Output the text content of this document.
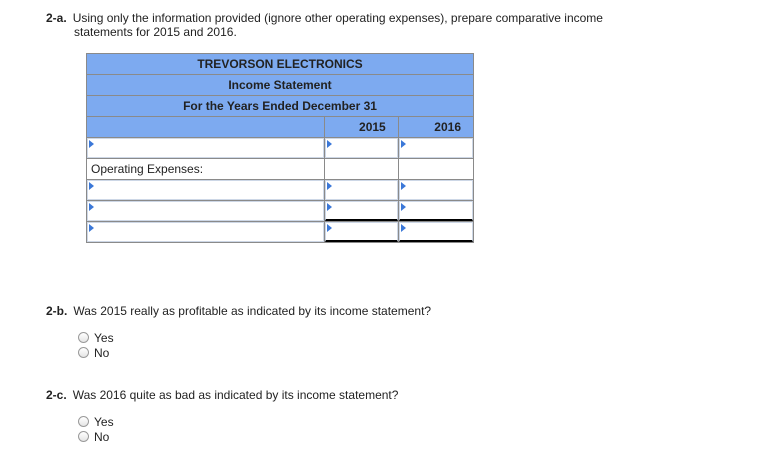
2-a. Using only the information provided (ignore other operating expenses), prepare comparative income
statements for 2015 and 2016.
TREVORSON ELECTRONICS		
Income Statement		
For the Years Ended December 31		
	2015	2016

Operating Expenses:		

2-b. Was 2015 really as profitable as indicated by its income statement?
Yes
No
2-c. Was 2016 quite as bad as indicated by its income statement?
Yes
No
